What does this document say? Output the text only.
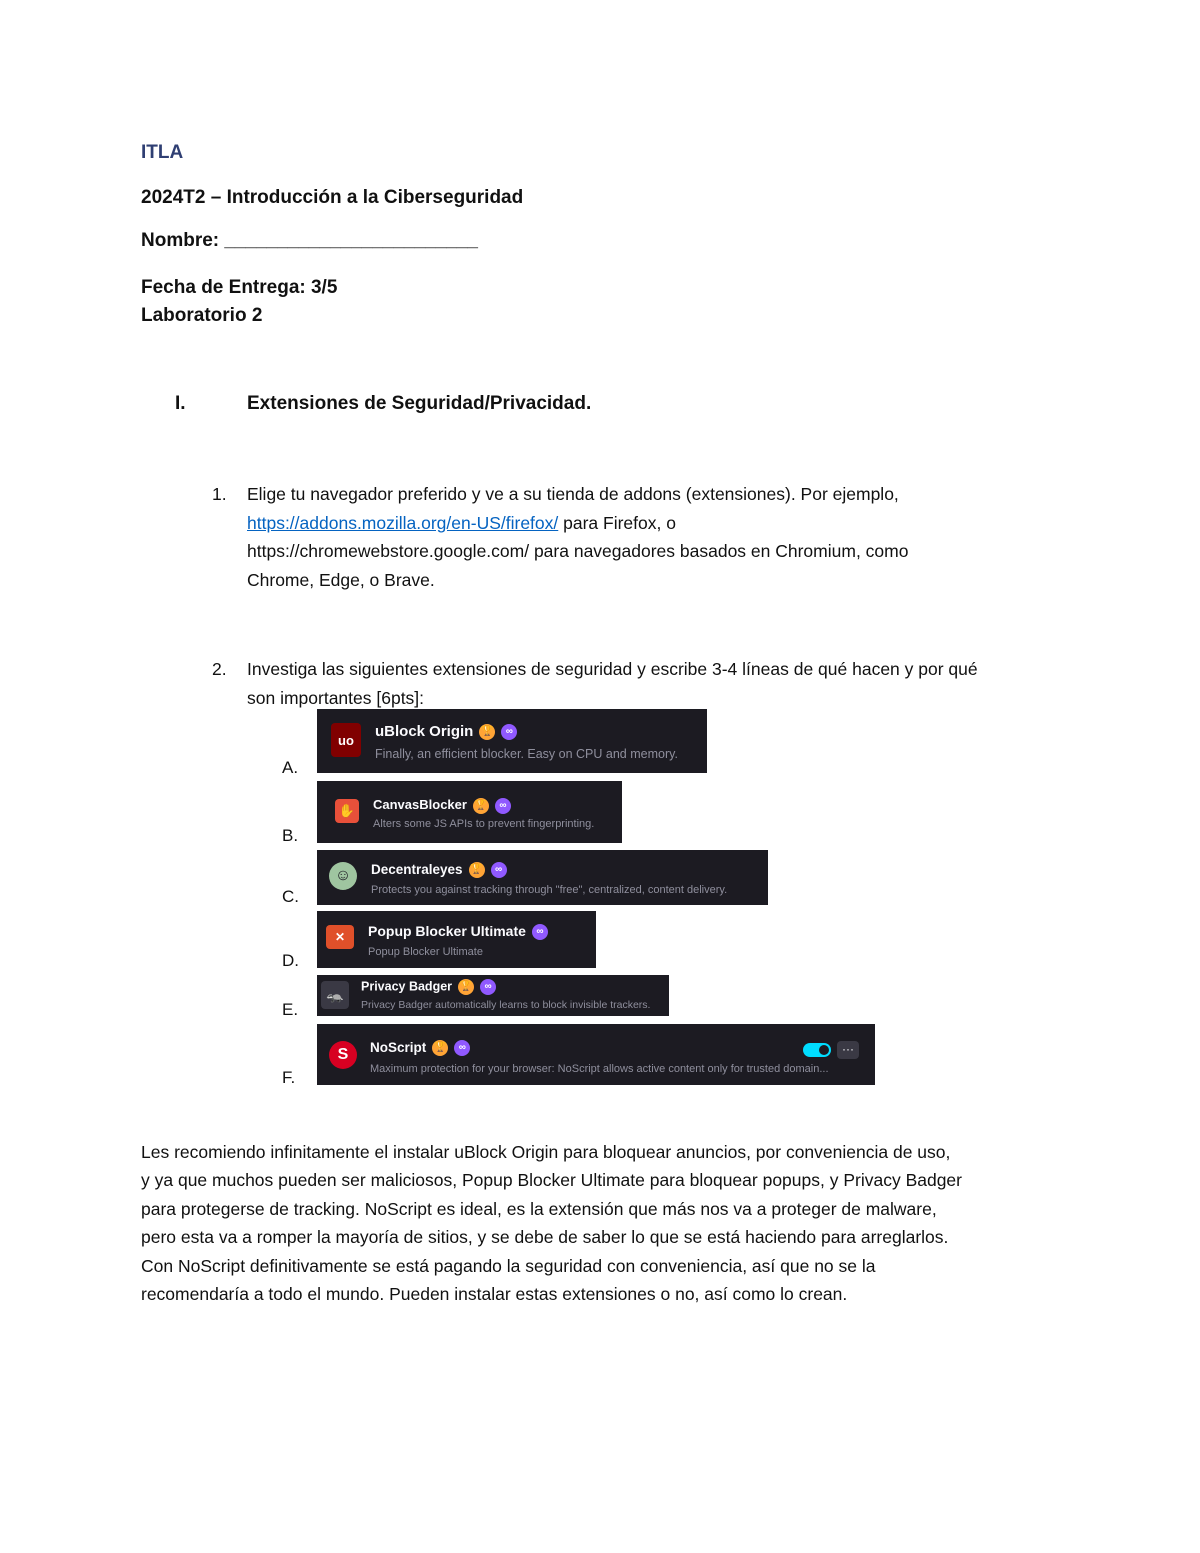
ITLA
2024T2 – Introducción a la Ciberseguridad
Nombre: ________________________
Fecha de Entrega: 3/5
Laboratorio 2
I.	Extensiones de Seguridad/Privacidad.
1. Elige tu navegador preferido y ve a su tienda de addons (extensiones). Por ejemplo,
https://addons.mozilla.org/en-US/firefox/ para Firefox, o
https://chromewebstore.google.com/ para navegadores basados en Chromium, como
Chrome, Edge, o Brave.
2. Investiga las siguientes extensiones de seguridad y escribe 3-4 líneas de qué hacen y por qué
son importantes [6pts]:
A.
B.
C.
D.
E.
F.
uo	uBlock Origin 🏆 ∞
Finally, an efficient blocker. Easy on CPU and memory.
✋	CanvasBlocker 🏆 ∞
Alters some JS APIs to prevent fingerprinting.
☺	Decentraleyes 🏆 ∞
Protects you against tracking through "free", centralized, content delivery.
✕	Popup Blocker Ultimate ∞
Popup Blocker Ultimate
🦡
Privacy Badger 🏆 ∞
Privacy Badger automatically learns to block invisible trackers.
S	NoScript 🏆 ∞
Maximum protection for your browser: NoScript allows active content only for trusted domain...
···
Les recomiendo infinitamente el instalar uBlock Origin para bloquear anuncios, por conveniencia de uso,
y ya que muchos pueden ser maliciosos, Popup Blocker Ultimate para bloquear popups, y Privacy Badger
para protegerse de tracking. NoScript es ideal, es la extensión que más nos va a proteger de malware,
pero esta va a romper la mayoría de sitios, y se debe de saber lo que se está haciendo para arreglarlos.
Con NoScript definitivamente se está pagando la seguridad con conveniencia, así que no se la
recomendaría a todo el mundo. Pueden instalar estas extensiones o no, así como lo crean.
